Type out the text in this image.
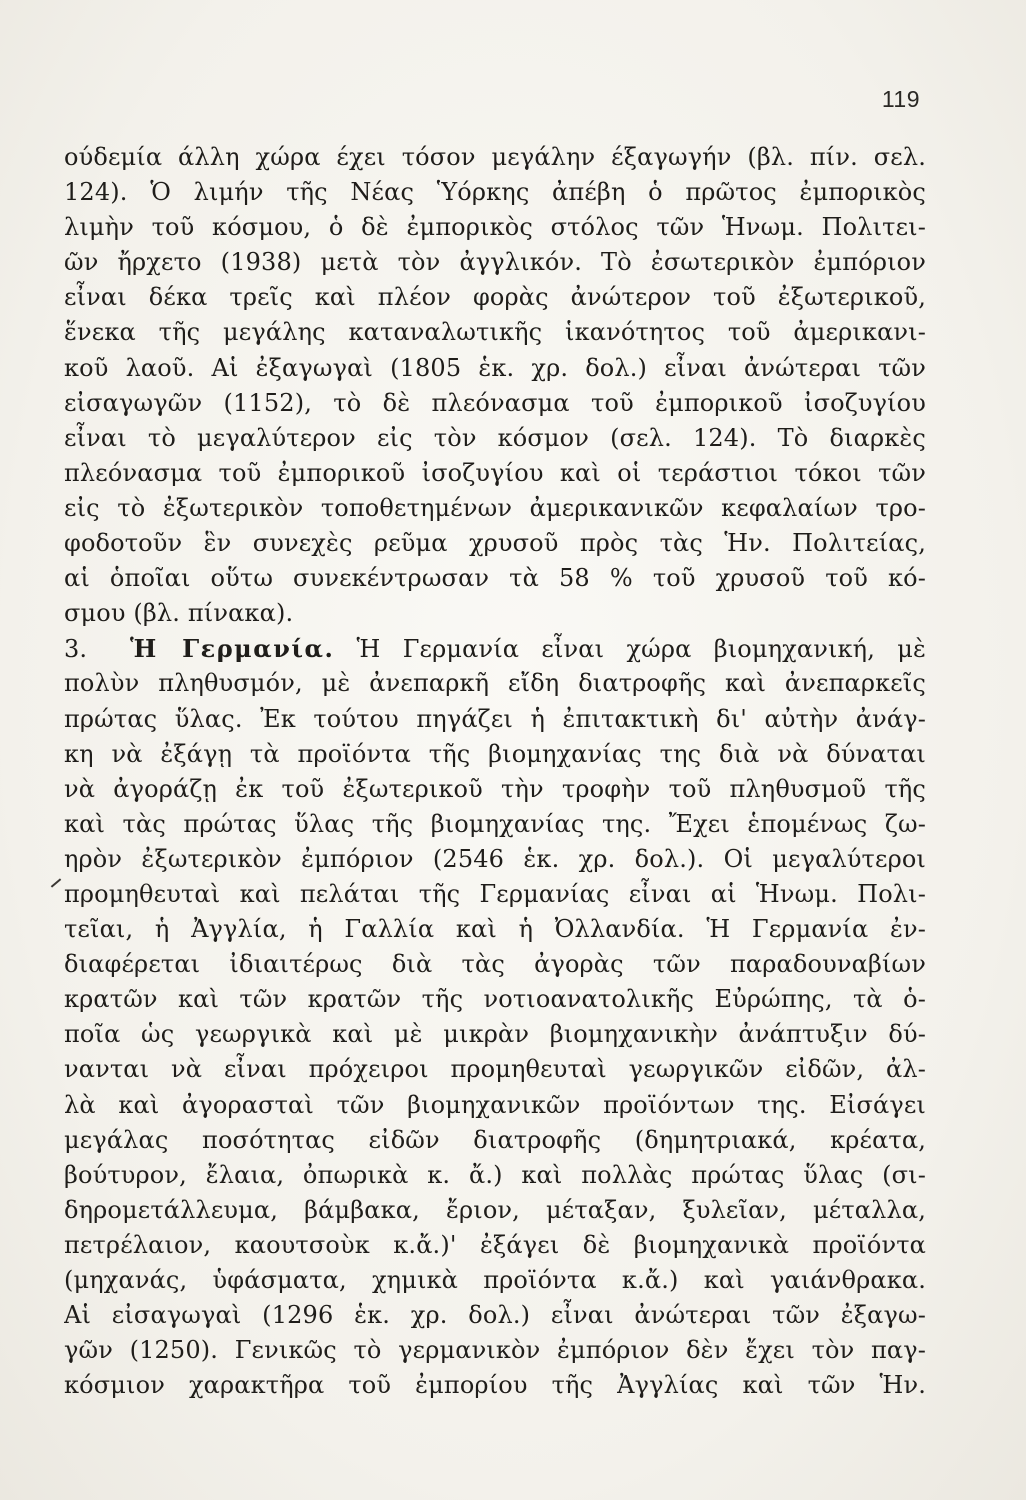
119
ούδεμία άλλη χώρα έχει τόσον μεγάλην έξαγωγήν (βλ. πίν. σελ.
124). Ὁ λιμήν τῆς Νέας Ὑόρκης ἀπέβη ὁ πρῶτος ἐμπορικὸς
λιμὴν τοῦ κόσμου, ὁ δὲ ἐμπορικὸς στόλος τῶν Ἡνωμ. Πολιτει-
ῶν ἤρχετο (1938) μετὰ τὸν ἀγγλικόν. Τὸ ἐσωτερικὸν ἐμπόριον
εἶναι δέκα τρεῖς καὶ πλέον φορὰς ἀνώτερον τοῦ ἐξωτερικοῦ,
ἕνεκα τῆς μεγάλης καταναλωτικῆς ἱκανότητος τοῦ ἀμερικανι-
κοῦ λαοῦ. Αἱ ἐξαγωγαὶ (1805 ἑκ. χρ. δολ.) εἶναι ἀνώτεραι τῶν
εἰσαγωγῶν (1152), τὸ δὲ πλεόνασμα τοῦ ἐμπορικοῦ ἰσοζυγίου
εἶναι τὸ μεγαλύτερον εἰς τὸν κόσμον (σελ. 124). Τὸ διαρκὲς
πλεόνασμα τοῦ ἐμπορικοῦ ἰσοζυγίου καὶ οἱ τεράστιοι τόκοι τῶν
εἰς τὸ ἐξωτερικὸν τοποθετημένων ἀμερικανικῶν κεφαλαίων τρο-
φοδοτοῦν ἓν συνεχὲς ρεῦμα χρυσοῦ πρὸς τὰς Ἡν. Πολιτείας,
αἱ ὁποῖαι οὕτω συνεκέντρωσαν τὰ 58 % τοῦ χρυσοῦ τοῦ κό-
σμου (βλ. πίνακα).
3. Ἡ Γερμανία. Ἡ Γερμανία εἶναι χώρα βιομηχανική, μὲ
πολὺν πληθυσμόν, μὲ ἀνεπαρκῆ εἴδη διατροφῆς καὶ ἀνεπαρκεῖς
πρώτας ὕλας. Ἐκ τούτου πηγάζει ἡ ἐπιτακτικὴ δι' αὐτὴν ἀνάγ-
κη νὰ ἐξάγῃ τὰ προϊόντα τῆς βιομηχανίας της διὰ νὰ δύναται
νὰ ἀγοράζῃ ἐκ τοῦ ἐξωτερικοῦ τὴν τροφὴν τοῦ πληθυσμοῦ τῆς
καὶ τὰς πρώτας ὕλας τῆς βιομηχανίας της. Ἔχει ἑπομένως ζω-
ηρὸν ἐξωτερικὸν ἐμπόριον (2546 ἑκ. χρ. δολ.). Οἱ μεγαλύτεροι
προμηθευταὶ καὶ πελάται τῆς Γερμανίας εἶναι αἱ Ἡνωμ. Πολι-
τεῖαι, ἡ Ἀγγλία, ἡ Γαλλία καὶ ἡ Ὀλλανδία. Ἡ Γερμανία ἐν-
διαφέρεται ἰδιαιτέρως διὰ τὰς ἀγορὰς τῶν παραδουναβίων
κρατῶν καὶ τῶν κρατῶν τῆς νοτιοανατολικῆς Εὐρώπης, τὰ ὁ-
ποῖα ὡς γεωργικὰ καὶ μὲ μικρὰν βιομηχανικὴν ἀνάπτυξιν δύ-
νανται νὰ εἶναι πρόχειροι προμηθευταὶ γεωργικῶν εἰδῶν, ἀλ-
λὰ καὶ ἀγορασταὶ τῶν βιομηχανικῶν προϊόντων της. Εἰσάγει
μεγάλας ποσότητας εἰδῶν διατροφῆς (δημητριακά, κρέατα,
βούτυρον, ἔλαια, ὀπωρικὰ κ. ἄ.) καὶ πολλὰς πρώτας ὕλας (σι-
δηρομετάλλευμα, βάμβακα, ἔριον, μέταξαν, ξυλεῖαν, μέταλλα,
πετρέλαιον, καουτσοὺκ κ.ἄ.)' ἐξάγει δὲ βιομηχανικὰ προϊόντα
(μηχανάς, ὑφάσματα, χημικὰ προϊόντα κ.ἄ.) καὶ γαιάνθρακα.
Αἱ εἰσαγωγαὶ (1296 ἑκ. χρ. δολ.) εἶναι ἀνώτεραι τῶν ἐξαγω-
γῶν (1250). Γενικῶς τὸ γερμανικὸν ἐμπόριον δὲν ἔχει τὸν παγ-
κόσμιον χαρακτῆρα τοῦ ἐμπορίου τῆς Ἀγγλίας καὶ τῶν Ἡν.
